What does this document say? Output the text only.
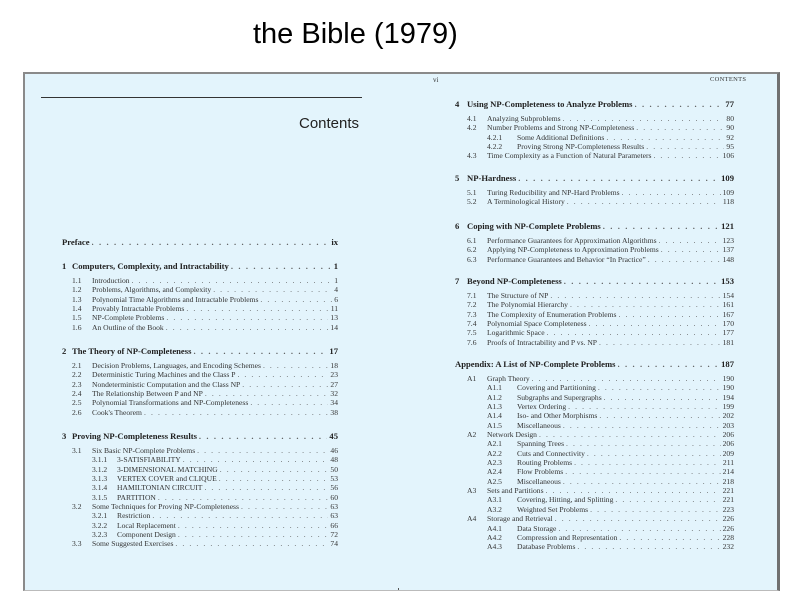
the Bible (1979)
Contents
vi	CONTENTS
Preface . . .	ix
1 Computers, Complexity, and Intractability . . .	1
1.1	Introduction . . .	1
1.2	Problems, Algorithms, and Complexity . . .	4
1.3	Polynomial Time Algorithms and Intractable Problems . . .	6
1.4	Provably Intractable Problems . . .	11
1.5	NP-Complete Problems . . .	13
1.6	An Outline of the Book . . .	14
2 The Theory of NP-Completeness . . .	17
2.1	Decision Problems, Languages, and Encoding Schemes . . .	18
2.2	Deterministic Turing Machines and the Class P . . .	23
2.3	Nondeterministic Computation and the Class NP . . .	27
2.4	The Relationship Between P and NP . . .	32
2.5	Polynomial Transformations and NP-Completeness . . .	34
2.6	Cook's Theorem . . .	38
3 Proving NP-Completeness Results . . .	45
3.1	Six Basic NP-Complete Problems . . .	46
3.1.1	3-SATISFIABILITY . . .	48
3.1.2	3-DIMENSIONAL MATCHING . . .	50
3.1.3	VERTEX COVER and CLIQUE . . .	53
3.1.4	HAMILTONIAN CIRCUIT . . .	56
3.1.5	PARTITION . . .	60
3.2	Some Techniques for Proving NP-Completeness . . .	63
3.2.1	Restriction . . .	63
3.2.2	Local Replacement . . .	66
3.2.3	Component Design . . .	72
3.3	Some Suggested Exercises . . .	74
4 Using NP-Completeness to Analyze Problems . . .	77
4.1	Analyzing Subproblems . . .	80
4.2	Number Problems and Strong NP-Completeness . . .	90
4.2.1	Some Additional Definitions . . .	92
4.2.2	Proving Strong NP-Completeness Results . . .	95
4.3	Time Complexity as a Function of Natural Parameters . . .	106
5 NP-Hardness . . .	109
5.1	Turing Reducibility and NP-Hard Problems . . .	109
5.2	A Terminological History . . .	118
6 Coping with NP-Complete Problems . . .	121
6.1	Performance Guarantees for Approximation Algorithms . . .	123
6.2	Applying NP-Completeness to Approximation Problems . . .	137
6.3	Performance Guarantees and Behavior “In Practice” . . .	148
7 Beyond NP-Completeness . . .	153
7.1	The Structure of NP . . .	154
7.2	The Polynomial Hierarchy . . .	161
7.3	The Complexity of Enumeration Problems . . .	167
7.4	Polynomial Space Completeness . . .	170
7.5	Logarithmic Space . . .	177
7.6	Proofs of Intractability and P vs. NP . . .	181
Appendix: A List of NP-Complete Problems . . .	187
A1	Graph Theory . . .	190
A1.1	Covering and Partitioning . . .	190
A1.2	Subgraphs and Supergraphs . . .	194
A1.3	Vertex Ordering . . .	199
A1.4	Iso- and Other Morphisms . . .	202
A1.5	Miscellaneous . . .	203
A2	Network Design . . .	206
A2.1	Spanning Trees . . .	206
A2.2	Cuts and Connectivity . . .	209
A2.3	Routing Problems . . .	211
A2.4	Flow Problems . . .	214
A2.5	Miscellaneous . . .	218
A3	Sets and Partitions . . .	221
A3.1	Covering, Hitting, and Splitting . . .	221
A3.2	Weighted Set Problems . . .	223
A4	Storage and Retrieval . . .	226
A4.1	Data Storage . . .	226
A4.2	Compression and Representation . . .	228
A4.3	Database Problems . . .	232
